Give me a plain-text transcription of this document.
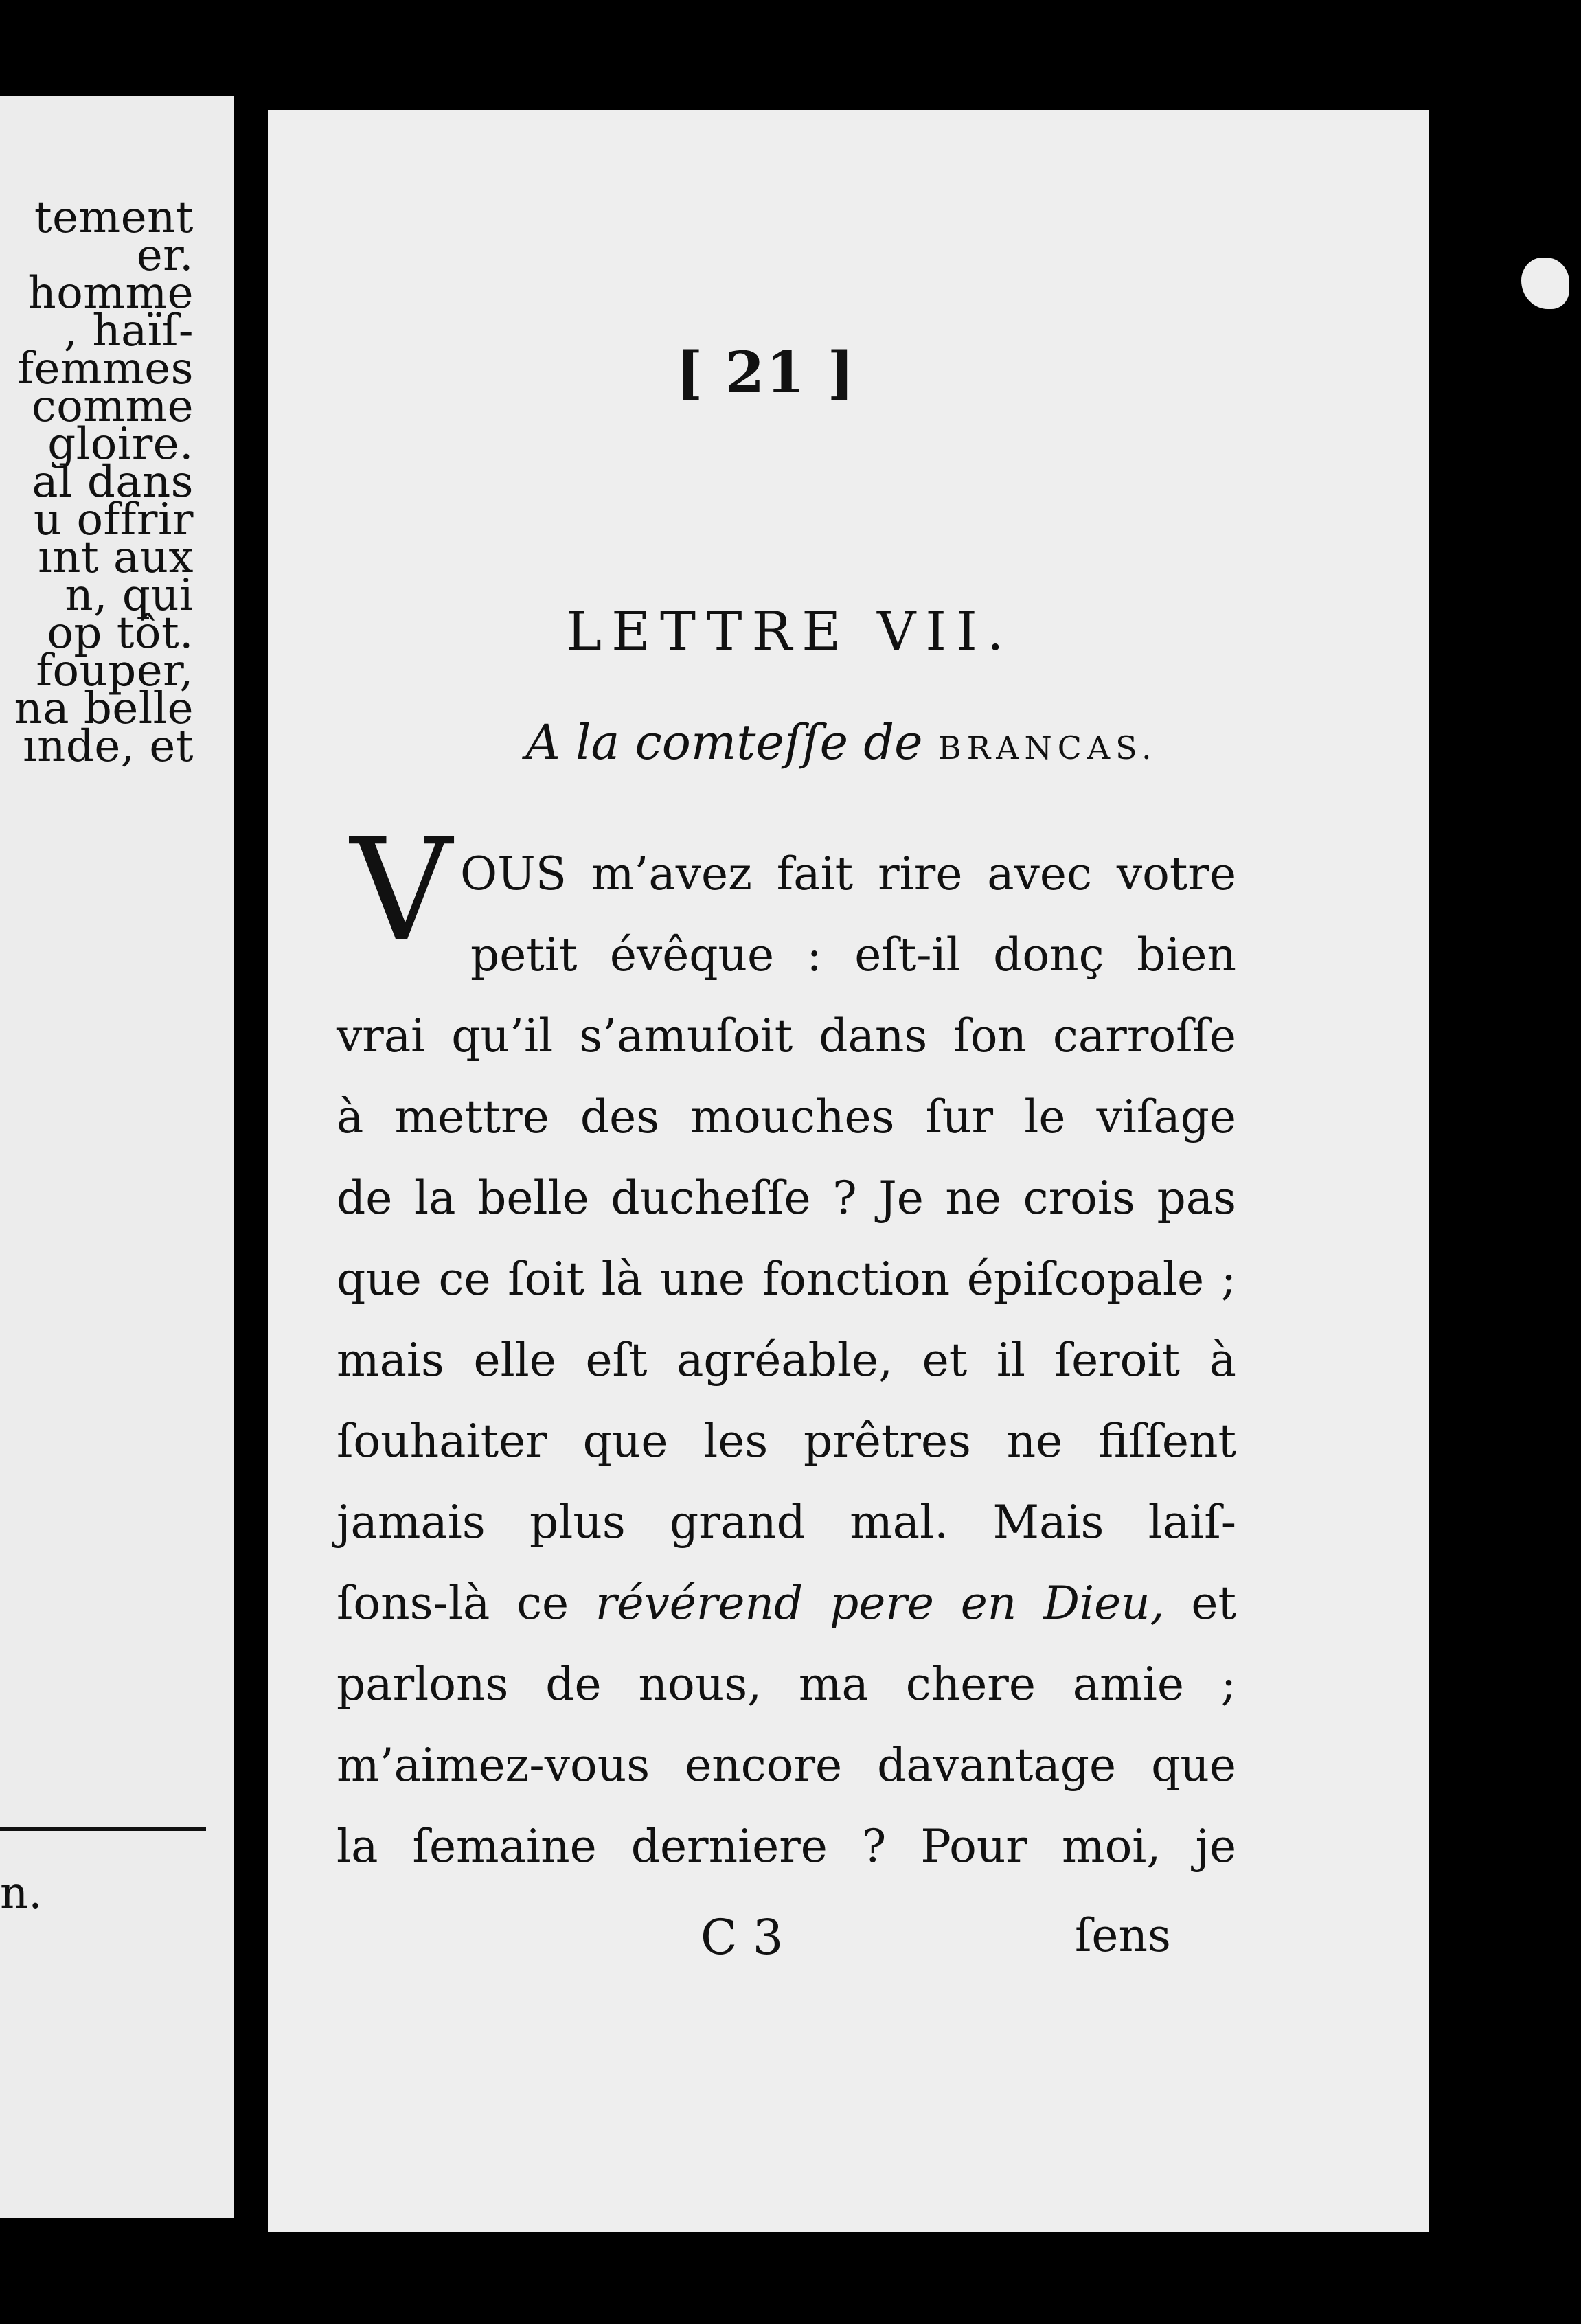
tement
er.
homme
, haïſ-
femmes
comme
gloire.
al dans
u offrir
ınt aux
n, qui
op tôt.
fouper,
na belle
ınde, et
n.
[ 21 ]
LETTRE VII.
A la comteſſe de BRANCAS.
V OUS m’avez fait rire avec votre
petit évêque : eſt-il donç bien
vrai qu’il s’amuſoit dans ſon carroſſe
à mettre des mouches ſur le viſage
de la belle ducheſſe ? Je ne crois pas
que ce ſoit là une fonction épiſcopale ;
mais elle eſt agréable, et il ſeroit à
ſouhaiter que les prêtres ne fiſſent
jamais plus grand mal. Mais laiſ-
ſons-là ce révérend pere en Dieu, et
parlons de nous, ma chere amie ;
m’aimez-vous encore davantage que
la ſemaine derniere ? Pour moi, je
C 3	ſens
